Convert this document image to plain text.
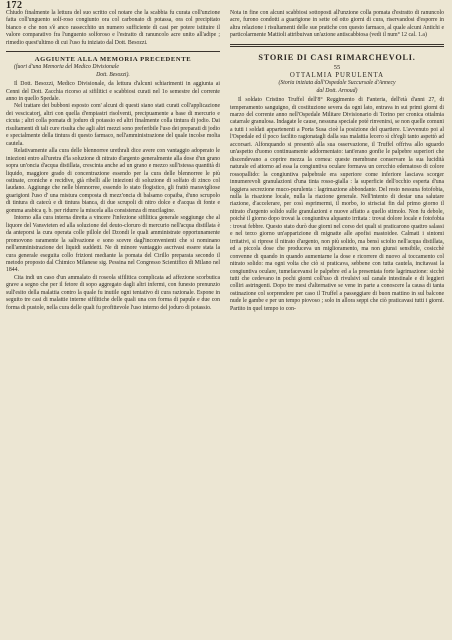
172

Chiudo finalmente la lettura del suo scritto col notare che la scabbia fu curata coll'unzione fatta coll'unguento solf-roso congiunto ora col carbonato di potassa, ora col precipitato bianco e che non s'è anco rassecchito un numero sufficiente di casi per potere istituire il valore comparativo fra l'unguento solforoso e l'estratto di ranuncolo acre unito all'adipe ; rimedio quest'ultimo di cui l'uso fu iniziato dal Dott. Besozzi.

AGGIUNTE ALLA MEMORIA PRECEDENTE
(fuori d'una Memoria del Medico Divisionale
Dott. Besozzi).

Il Dott. Besozzi, Medico Divisionale, da lettura d'alcuni schiarimenti in aggiunta ai Cenni del Dott. Zacchia ricorso ai sifilitici e scabbiosi curati nel 1o semestre del corrente anno in quello Spedale.

Nel trattare dei bubboni esposto com' alcuni di questi siano stati curati coll'applicazione dei vescicatorj, altri con quella d'empiastri risolventi, precipuamente a base di mercurio e cicuta ; altri colla pomata di joduro di potassio ed altri finalmente colla tintura di jodio. Dai risultamenti di tali cure risulta che agli altri mezzi sono preferibile l'uso dei preparati di jodio e specialmente della tintura di questo farmaco, nell'amministrazione del quale incolse molta cautela.

Relativamente alla cura delle blennorree urethrali dice avere con vantaggio adoperato le iniezioni entro all'uretra d'la soluzione di nitrato d'argento generalmente alla dose d'un grano sopra un'oncia d'acqua distillata, crescinta anche ad un grano e mezzo sull'istessa quantità di liquido, maggiore grado di concentrazione essendo per la cura delle blennorree le più ostinate, croniche e recidive, già ribelli alle iniezioni di soluzione di solfato di zinco col laudano. Aggiunge che nelle blennorree, essendo lo stato flogistico, gli frattò maravigliose guarigioni l'uso d' una mistura composta di mezz'oncia di balsamo copaiba, d'uno scrupolo di tintura di catecù e di tintura bianca, di due scrupoli di nitro dolce e d'acqua di fonte e gomma arabica q. b. per ridurre la miscela alla consistenza di mucilagine.

Intorno alla cura interna diretta a vincere l'infezione sifilitica generale soggiunge che al liquore del Vansvieten ed alla soluzione del deuto-cloruro di mercurio nell'acqua distillata è da anteporsi la cura operata colle pillole del Dzondi le quali amministrate opportunamente promovono raramente la salivazione e sono scevre dagl'inconvenienti che si nominano nell'amministrazione dei liquidi suddetti. Ne di minore vantaggio ascrivasi essere stata la cura generale eseguita collo frizioni mediante la pomata del Cirillo preparata secondo il metodo proposto dal Chimico Milanese sig. Pessina nel Congresso Scientifico di Milano nel 1844.

Cita indi un caso d'un ammalato di roseola sifilitica complicata ad affezione scorbutica grave a segno che per il fetore di sopo aggregato dagli altri infermi, con funesto prenunzio sull'esito della malattia contro la quale fu inutile ogni tentativo di cura razionale. Espone in seguito tre casi di malattie interne sifilitiche delle quali una con forma di papule e due con forma di pustole, nella cura delle quali fu profittevole l'uso interno del joduro di potassio.

Nota in fine con alcuni scabbiosi sottoposti all'unzione colla pomata d'estratto di ranuncolo acre, furono condotti a guarigione in sette od otto giorni di cura, riservandosi d'esporre in altra relazione i risultamenti delle sue pratiche con questo farmaco, al quale alcuni Antichi e particolarmente Mattioli attribuivan un'azione antiscabbiosa (vedi il num° 12 cal. 1.a)

STORIE DI CASI RIMARCHEVOLI.
55
OTTALMIA PURULENTA
(Storia iniziata dall'Ospedale Succursale d'Annecy
dal Dott. Arnoud)

Il soldato Cristino Truffel dell'8° Reggimento di Fanteria, dell'età d'anni 27, di temperamento sanguigno, di costituzione severa da ogni lato, entrava in sui primi giorni di marzo del corrente anno nell'Ospedale Militare Divisionario di Torino per cronica ottalmia catarrale granulosa. Indagate le cause, nessuna speciale potè rinvenirsi, se non quelle comuni a tutti i soldati appartenenti a Porta Susa cioè la posizione del quartiere. L'avvenuto poi al l'Ospedale ed il poco facilito ragionatagli dalla sua malattia lecero sì ch'egli tanto aspettò ad accorsari. Alfonquando si presentò alla sua osservazione, il Truffel offriva allo sguardo un'aspetto d'uomo continuamente addormentato: tant'erano gonfie le palpebre superiori che discendevano a coprire mezza la cornea: queste membrane conservare la sua lucidità naturale ed attorno ad essa la congiuntiva oculare formava un cercchio edematoso di colore rossopallido: la congiuntiva palpebrale era superiore come inferiore lasciava scorger innumerevoli granulazioni d'una tinta rosso-gialla : la superficie dell'occhio esperta d'una leggiera secrezione muco-purulenta : lagrimazione abbondante. Del resto nessuna fotofobia, nulla la risazione locale, nulla la riazione generale. Nell'intento di destar una salutare riazione, d'accelerare, per così esprimermi, il morbo, io strisciai fin dal primo giorno il nitrato d'argento solido sulle granulazioni e nuove affatto a quello stimolo. Non fu debole, poichè il giorno dopo trovai la congiuntiva alquanto irritata : trovai dolore locale e fotofobia : trovai febbre. Questo stato durò due giorni nel corso dei quali si praticarono quattro salassi e nel terzo giorno un'apparizione di mignatte alle apofisi mastoidee. Calmati i sintomi irritativi, si riprese il nitrato d'argento, non più solido, ma bensì sciolto nell'acqua distillata, ed a piccola dose che produceva un miglioramento, ma non giunsi sensibile, cosicchè convenne di quando in quando aumentarne la dose e ricorrere di nuovo al toccamento col nitrato solido: ma ogni volta che ciò si praticava, sebbene con tutta cautela, incitavasi la congiuntiva oculare, tumefacevansi le palpebre ed a la presentata forte lagrimazione: sicchè tutti che cedevano in pochi giorni coll'uso di rivulsivi sul canale intestinale e di leggieri colliri astringenti. Dopo tre mesi d'alternative se vene in parte a conoscere la causa di tanta ostinazione col sorprendere per caso il Truffel a passeggiare di buon mattino in sul balcone nude le gambe e per un tempo piovoso ; solo in allora seppi che ciò praticavasi tutti i giorni. Partito in quel tempo io con-
